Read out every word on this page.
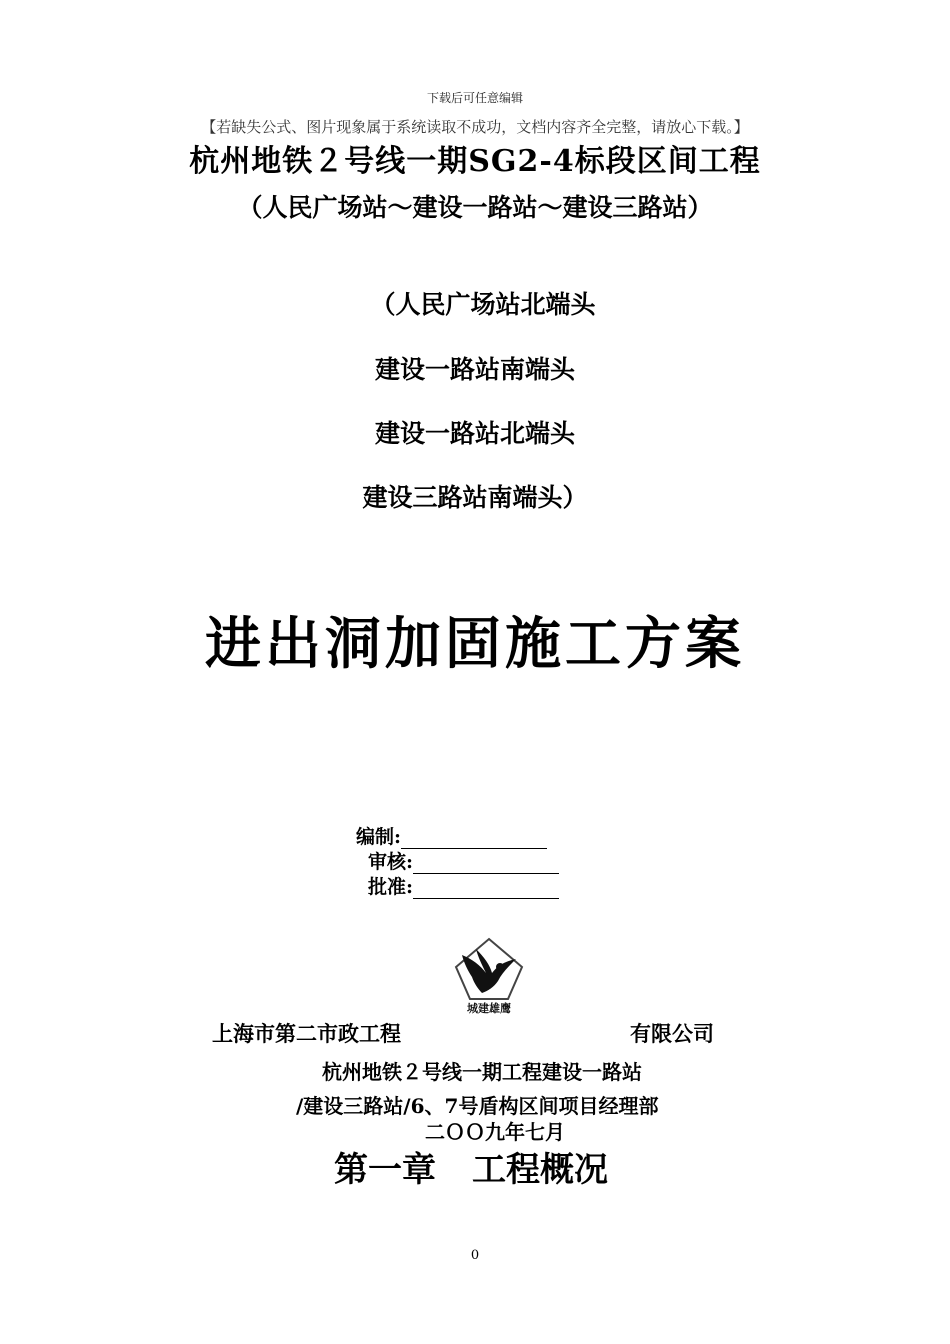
下载后可任意编辑
【若缺失公式、图片现象属于系统读取不成功，文档内容齐全完整，请放心下载。】
杭州地铁２号线一期SG2-4标段区间工程
（人民广场站～建设一路站～建设三路站）
（人民广场站北端头
建设一路站南端头
建设一路站北端头
建设三路站南端头）
进出洞加固施工方案
编制:
审核:
批准:
城建雄鹰
上海市第二市政工程	有限公司
杭州地铁２号线一期工程建设一路站
/建设三路站/6、7号盾构区间项目经理部
二ＯＯ九年七月
第一章 工程概况
0
